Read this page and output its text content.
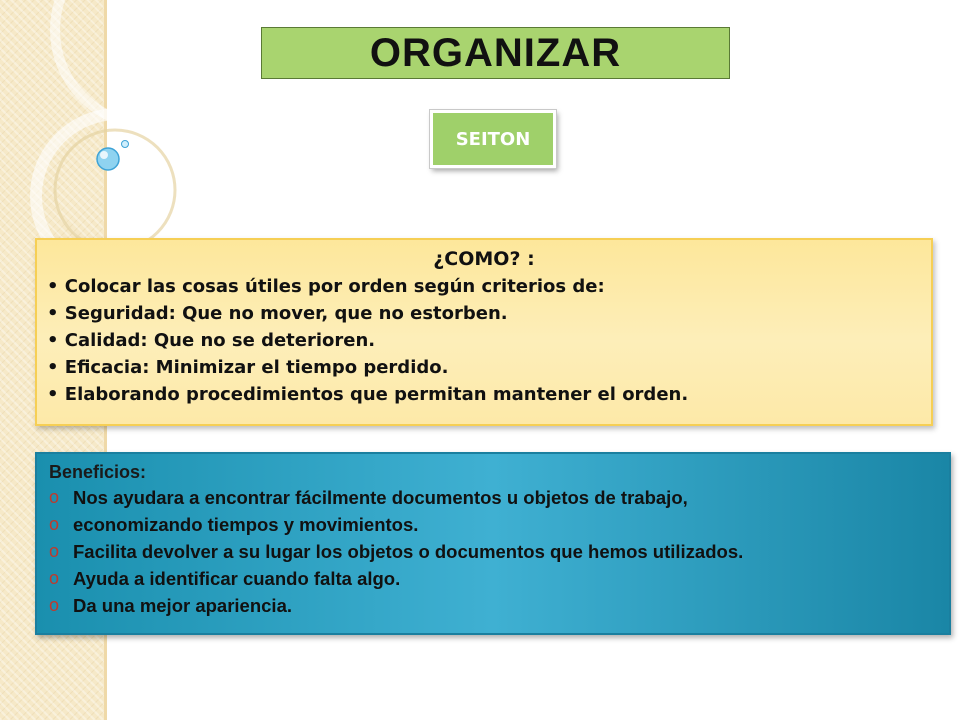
ORGANIZAR
SEITON
¿COMO? :
• Colocar las cosas útiles por orden según criterios de:
• Seguridad: Que no mover, que no estorben.
• Calidad: Que no se deterioren.
• Eficacia: Minimizar el tiempo perdido.
• Elaborando procedimientos que permitan mantener el orden.
Beneficios:
o Nos ayudara a encontrar fácilmente documentos u objetos de trabajo,
o economizando tiempos y movimientos.
o Facilita devolver a su lugar los objetos o documentos que hemos utilizados.
o Ayuda a identificar cuando falta algo.
o Da una mejor apariencia.
